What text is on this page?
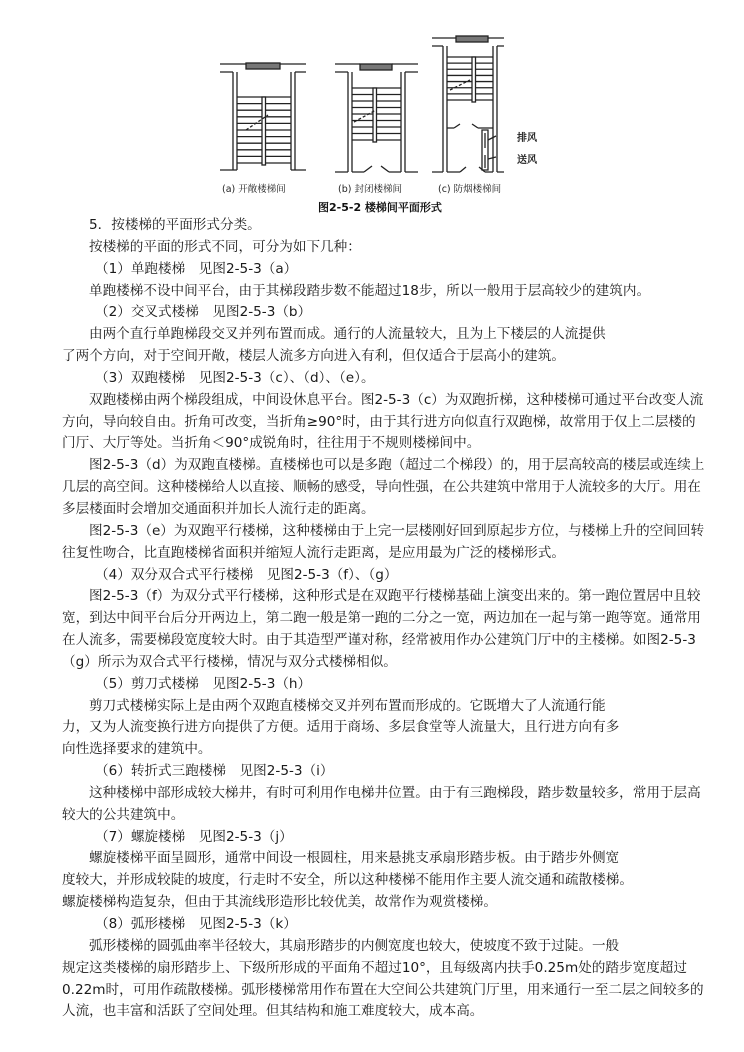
(a) 开敞楼梯间	(b) 封闭楼梯间	(c) 防烟楼梯间
排风
送风
图2-5-2 楼梯间平面形式
5．按楼梯的平面形式分类。
按楼梯的平面的形式不同，可分为如下几种：
（1）单跑楼梯　见图2-5-3（a）
单跑楼梯不设中间平台，由于其梯段踏步数不能超过18步，所以一般用于层高较少的建筑内。
（2）交叉式楼梯　见图2-5-3（b）
由两个直行单跑梯段交叉并列布置而成。通行的人流量较大，且为上下楼层的人流提供
了两个方向，对于空间开敞，楼层人流多方向进入有利，但仅适合于层高小的建筑。
（3）双跑楼梯　见图2-5-3（c）、（d）、（e）。
双跑楼梯由两个梯段组成，中间设休息平台。图2-5-3（c）为双跑折梯，这种楼梯可通过平台改变人流
方向，导向较自由。折角可改变，当折角≥90°时，由于其行进方向似直行双跑梯，故常用于仅上二层楼的
门厅、大厅等处。当折角＜90°成锐角时，往往用于不规则楼梯间中。
图2-5-3（d）为双跑直楼梯。直楼梯也可以是多跑（超过二个梯段）的，用于层高较高的楼层或连续上
几层的高空间。这种楼梯给人以直接、顺畅的感受，导向性强，在公共建筑中常用于人流较多的大厅。用在
多层楼面时会增加交通面积并加长人流行走的距离。
图2-5-3（e）为双跑平行楼梯，这种楼梯由于上完一层楼刚好回到原起步方位，与楼梯上升的空间回转
往复性吻合，比直跑楼梯省面积并缩短人流行走距离，是应用最为广泛的楼梯形式。
（4）双分双合式平行楼梯　见图2-5-3（f）、（g）
图2-5-3（f）为双分式平行楼梯，这种形式是在双跑平行楼梯基础上演变出来的。第一跑位置居中且较
宽，到达中间平台后分开两边上，第二跑一般是第一跑的二分之一宽，两边加在一起与第一跑等宽。通常用
在人流多，需要梯段宽度较大时。由于其造型严谨对称，经常被用作办公建筑门厅中的主楼梯。如图2-5-3
（g）所示为双合式平行楼梯，情况与双分式楼梯相似。
（5）剪刀式楼梯　见图2-5-3（h）
剪刀式楼梯实际上是由两个双跑直楼梯交叉并列布置而形成的。它既增大了人流通行能
力，又为人流变换行进方向提供了方便。适用于商场、多层食堂等人流量大，且行进方向有多
向性选择要求的建筑中。
（6）转折式三跑楼梯　见图2-5-3（i）
这种楼梯中部形成较大梯井，有时可利用作电梯井位置。由于有三跑梯段，踏步数量较多，常用于层高
较大的公共建筑中。
（7）螺旋楼梯　见图2-5-3（j）
螺旋楼梯平面呈圆形，通常中间设一根圆柱，用来悬挑支承扇形踏步板。由于踏步外侧宽
度较大，并形成较陡的坡度，行走时不安全，所以这种楼梯不能用作主要人流交通和疏散楼梯。
螺旋楼梯构造复杂，但由于其流线形造形比较优美，故常作为观赏楼梯。
（8）弧形楼梯　见图2-5-3（k）
弧形楼梯的圆弧曲率半径较大，其扇形踏步的内侧宽度也较大，使坡度不致于过陡。一般
规定这类楼梯的扇形踏步上、下级所形成的平面角不超过10°，且每级离内扶手0.25m处的踏步宽度超过
0.22m时，可用作疏散楼梯。弧形楼梯常用作布置在大空间公共建筑门厅里，用来通行一至二层之间较多的
人流，也丰富和活跃了空间处理。但其结构和施工难度较大，成本高。
